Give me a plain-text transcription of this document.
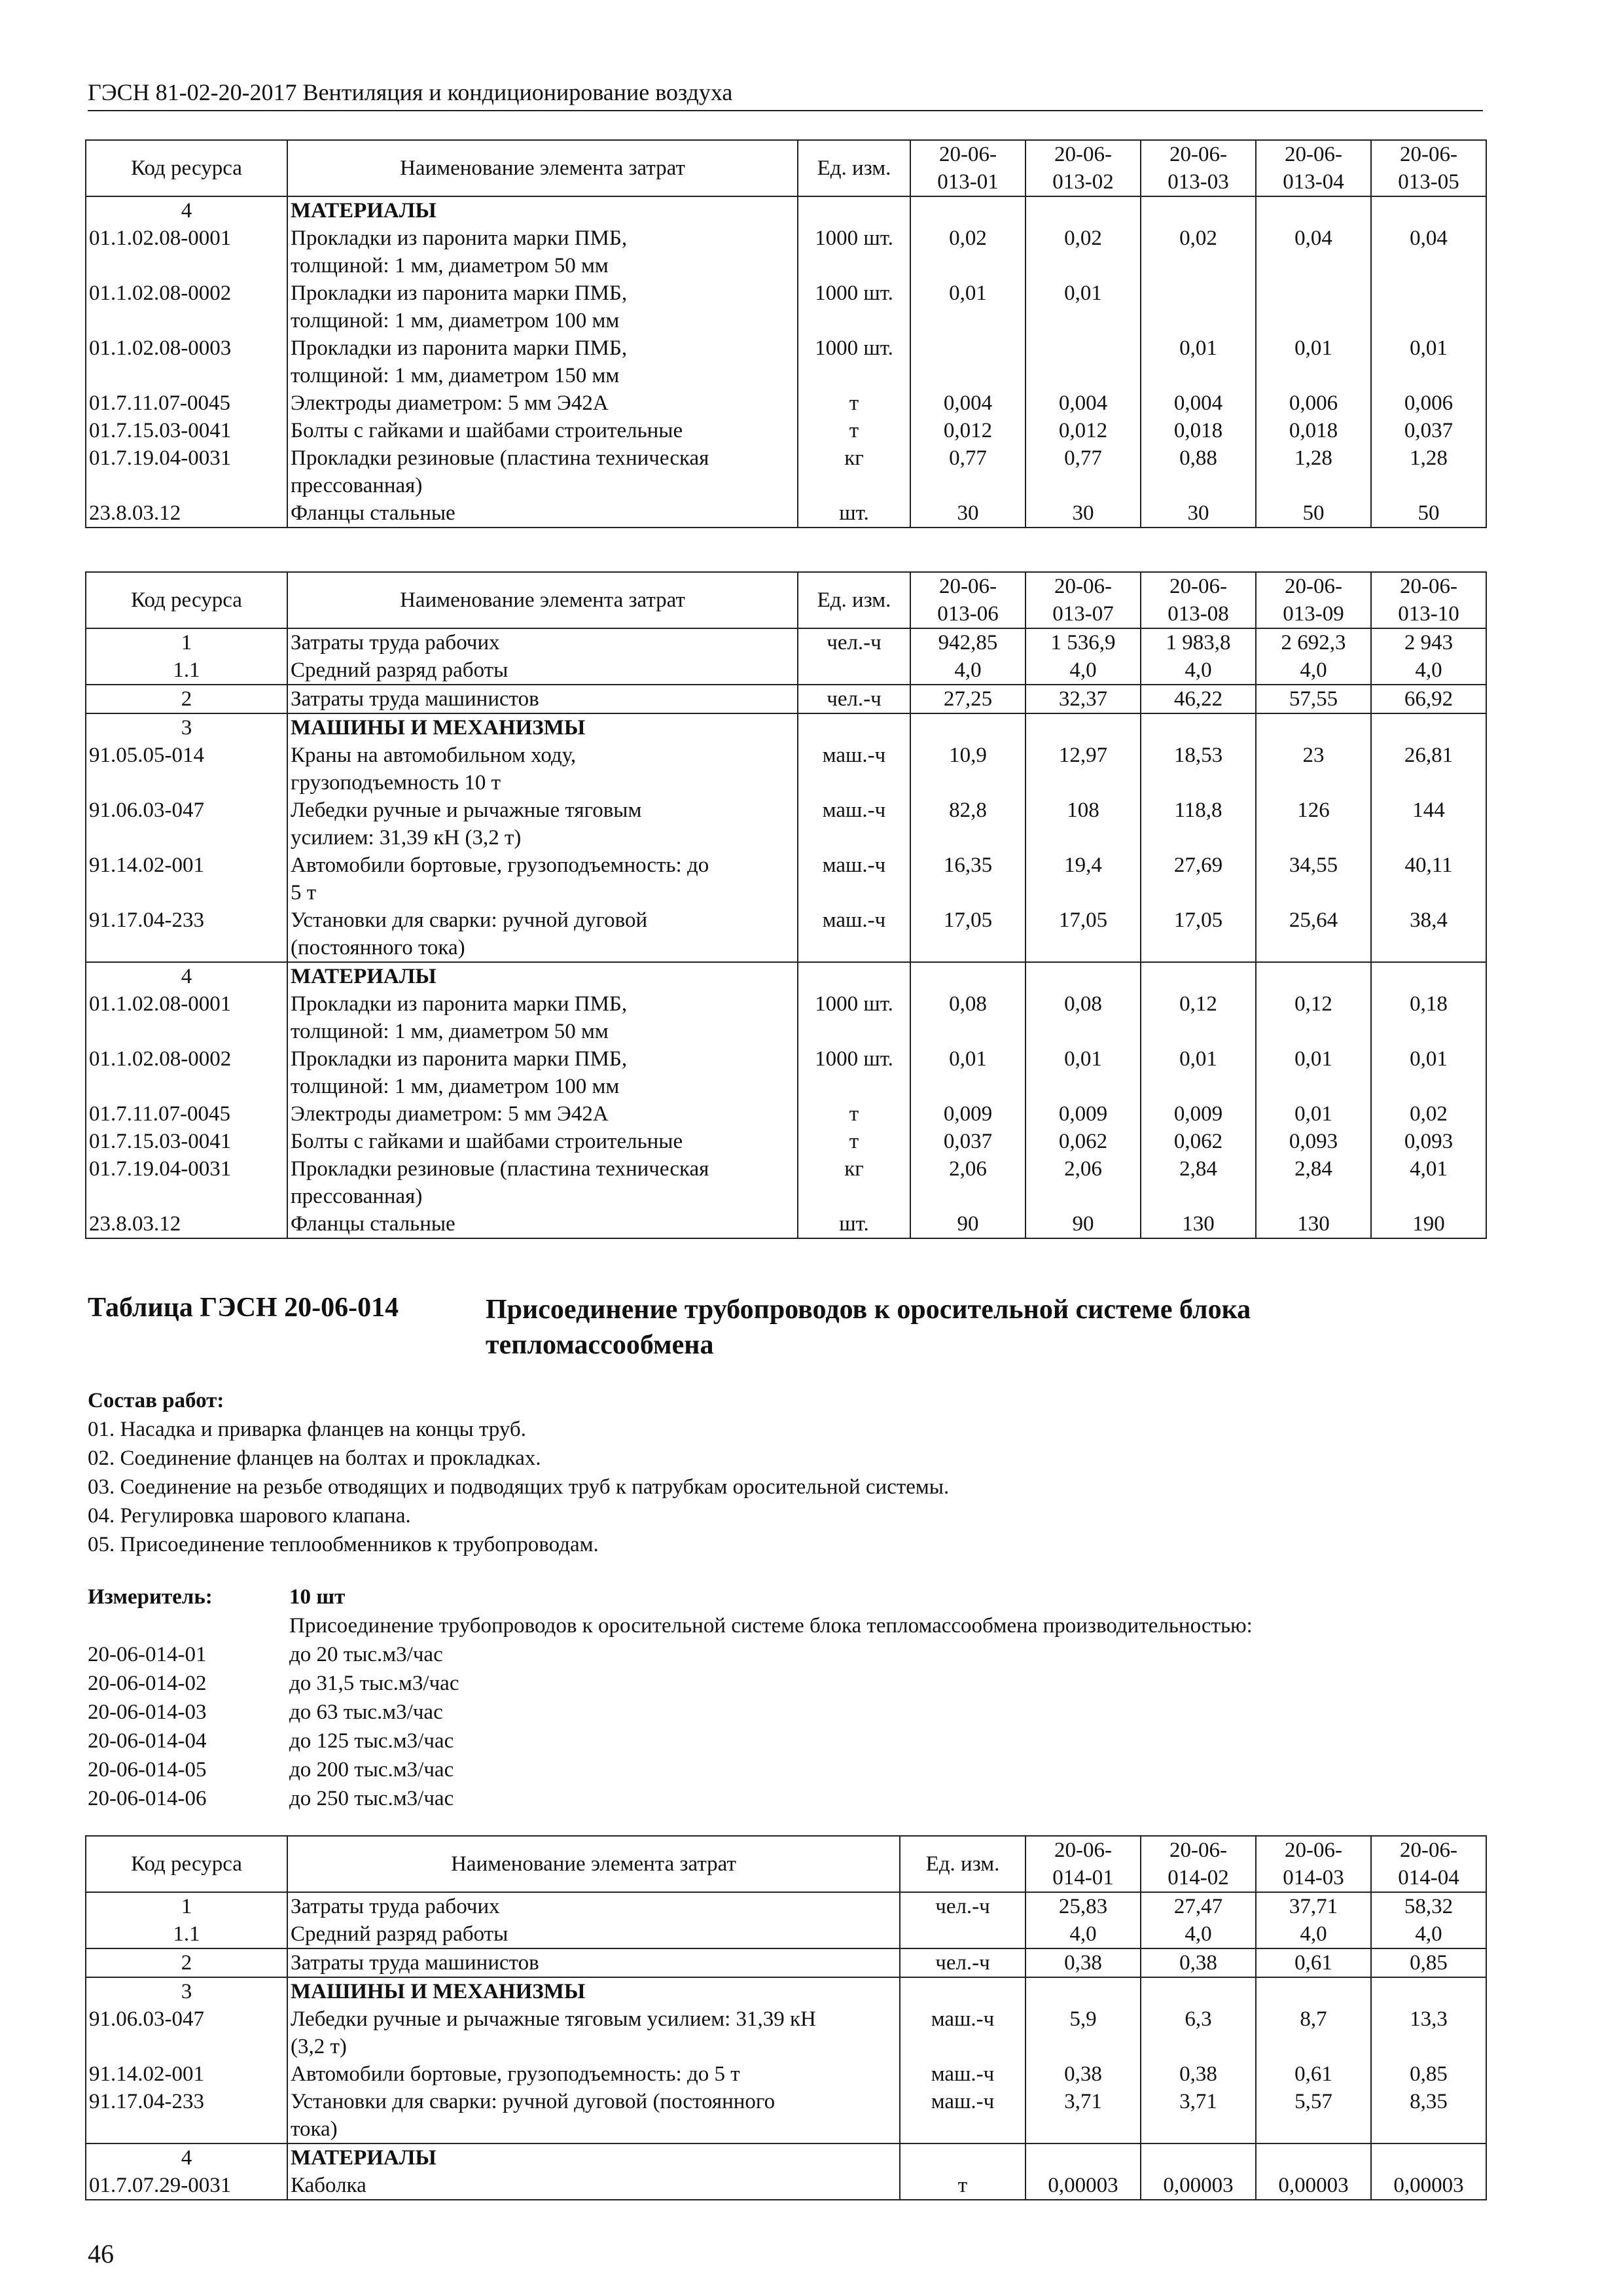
ГЭСН 81-02-20-2017 Вентиляция и кондиционирование воздуха
Код ресурса	Наименование элемента затрат	Ед. изм.	20-06-
013-01	20-06-
013-02	20-06-
013-03	20-06-
013-04	20-06-
013-05
4	МАТЕРИАЛЫ						
01.1.02.08-0001	Прокладки из паронита марки ПМБ,
толщиной: 1 мм, диаметром 50 мм	1000 шт.	0,02	0,02	0,02	0,04	0,04
01.1.02.08-0002	Прокладки из паронита марки ПМБ,
толщиной: 1 мм, диаметром 100 мм	1000 шт.	0,01	0,01			
01.1.02.08-0003	Прокладки из паронита марки ПМБ,
толщиной: 1 мм, диаметром 150 мм	1000 шт.			0,01	0,01	0,01
01.7.11.07-0045	Электроды диаметром: 5 мм Э42А	т	0,004	0,004	0,004	0,006	0,006
01.7.15.03-0041	Болты с гайками и шайбами строительные	т	0,012	0,012	0,018	0,018	0,037
01.7.19.04-0031	Прокладки резиновые (пластина техническая
прессованная)	кг	0,77	0,77	0,88	1,28	1,28
23.8.03.12	Фланцы стальные	шт.	30	30	30	50	50
Код ресурса	Наименование элемента затрат	Ед. изм.	20-06-
013-06	20-06-
013-07	20-06-
013-08	20-06-
013-09	20-06-
013-10
1	Затраты труда рабочих	чел.-ч	942,85	1 536,9	1 983,8	2 692,3	2 943
1.1	Средний разряд работы		4,0	4,0	4,0	4,0	4,0
2	Затраты труда машинистов	чел.-ч	27,25	32,37	46,22	57,55	66,92
3	МАШИНЫ И МЕХАНИЗМЫ						
91.05.05-014	Краны на автомобильном ходу,
грузоподъемность 10 т	маш.-ч	10,9	12,97	18,53	23	26,81
91.06.03-047	Лебедки ручные и рычажные тяговым
усилием: 31,39 кН (3,2 т)	маш.-ч	82,8	108	118,8	126	144
91.14.02-001	Автомобили бортовые, грузоподъемность: до
5 т	маш.-ч	16,35	19,4	27,69	34,55	40,11
91.17.04-233	Установки для сварки: ручной дуговой
(постоянного тока)	маш.-ч	17,05	17,05	17,05	25,64	38,4
4	МАТЕРИАЛЫ						
01.1.02.08-0001	Прокладки из паронита марки ПМБ,
толщиной: 1 мм, диаметром 50 мм	1000 шт.	0,08	0,08	0,12	0,12	0,18
01.1.02.08-0002	Прокладки из паронита марки ПМБ,
толщиной: 1 мм, диаметром 100 мм	1000 шт.	0,01	0,01	0,01	0,01	0,01
01.7.11.07-0045	Электроды диаметром: 5 мм Э42А	т	0,009	0,009	0,009	0,01	0,02
01.7.15.03-0041	Болты с гайками и шайбами строительные	т	0,037	0,062	0,062	0,093	0,093
01.7.19.04-0031	Прокладки резиновые (пластина техническая
прессованная)	кг	2,06	2,06	2,84	2,84	4,01
23.8.03.12	Фланцы стальные	шт.	90	90	130	130	190
Таблица ГЭСН 20-06-014	Присоединение трубопроводов к оросительной системе блока тепломассообмена
Состав работ:
01. Насадка и приварка фланцев на концы труб.
02. Соединение фланцев на болтах и прокладках.
03. Соединение на резьбе отводящих и подводящих труб к патрубкам оросительной системы.
04. Регулировка шарового клапана.
05. Присоединение теплообменников к трубопроводам.
Измеритель:	10 шт
Присоединение трубопроводов к оросительной системе блока тепломассообмена производительностью:
20-06-014-01	до 20 тыс.м3/час
20-06-014-02	до 31,5 тыс.м3/час
20-06-014-03	до 63 тыс.м3/час
20-06-014-04	до 125 тыс.м3/час
20-06-014-05	до 200 тыс.м3/час
20-06-014-06	до 250 тыс.м3/час
Код ресурса	Наименование элемента затрат	Ед. изм.	20-06-
014-01	20-06-
014-02	20-06-
014-03	20-06-
014-04
1	Затраты труда рабочих	чел.-ч	25,83	27,47	37,71	58,32
1.1	Средний разряд работы		4,0	4,0	4,0	4,0
2	Затраты труда машинистов	чел.-ч	0,38	0,38	0,61	0,85
3	МАШИНЫ И МЕХАНИЗМЫ					
91.06.03-047	Лебедки ручные и рычажные тяговым усилием: 31,39 кН
(3,2 т)	маш.-ч	5,9	6,3	8,7	13,3
91.14.02-001	Автомобили бортовые, грузоподъемность: до 5 т	маш.-ч	0,38	0,38	0,61	0,85
91.17.04-233	Установки для сварки: ручной дуговой (постоянного
тока)	маш.-ч	3,71	3,71	5,57	8,35
4	МАТЕРИАЛЫ					
01.7.07.29-0031	Каболка	т	0,00003	0,00003	0,00003	0,00003
46
